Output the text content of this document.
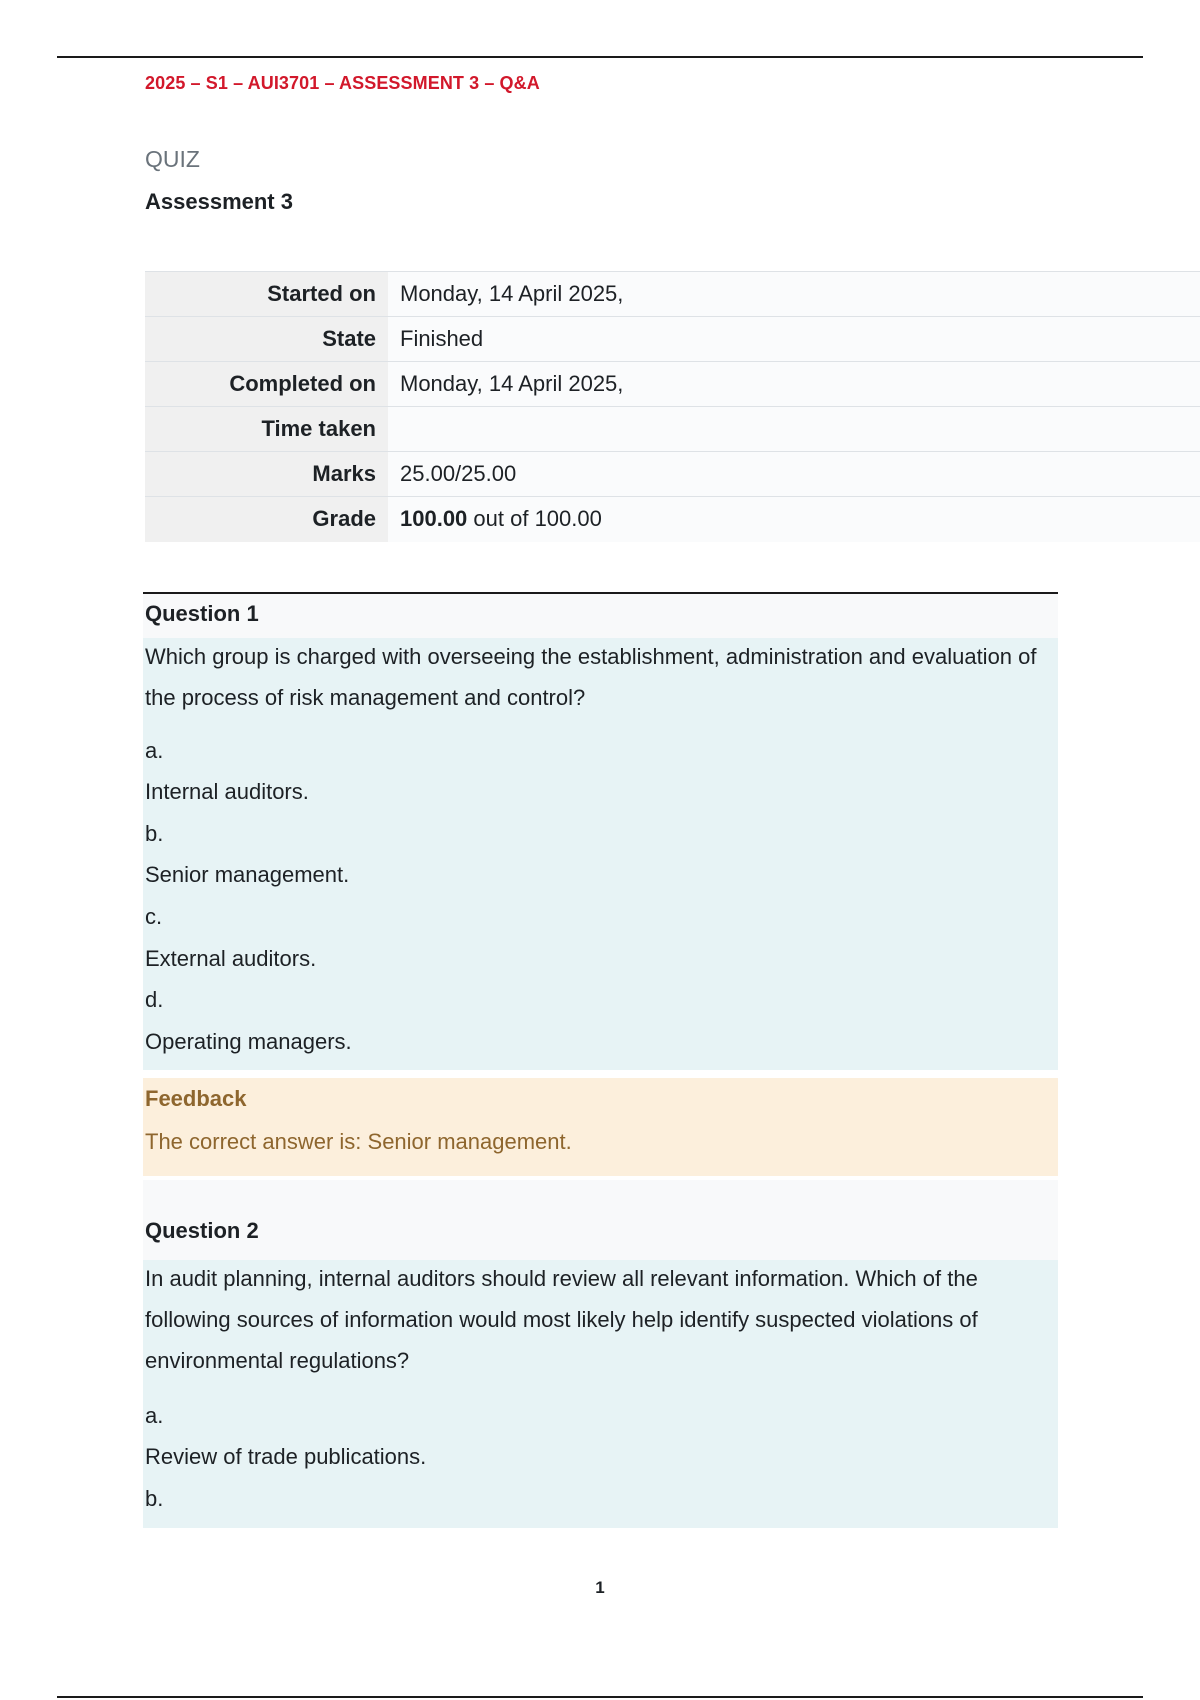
2025 – S1 – AUI3701 – ASSESSMENT 3 – Q&A
QUIZ
Assessment 3
Started on	Monday, 14 April 2025,
State	Finished
Completed on	Monday, 14 April 2025,
Time taken	
Marks	25.00/25.00
Grade	100.00 out of 100.00
Question 1
Which group is charged with overseeing the establishment, administration and evaluation of the process of risk management and control?
a.
Internal auditors.
b.
Senior management.
c.
External auditors.
d.
Operating managers.
Feedback
The correct answer is: Senior management.
Question 2
In audit planning, internal auditors should review all relevant information. Which of the following sources of information would most likely help identify suspected violations of environmental regulations?
a.
Review of trade publications.
b.
1
